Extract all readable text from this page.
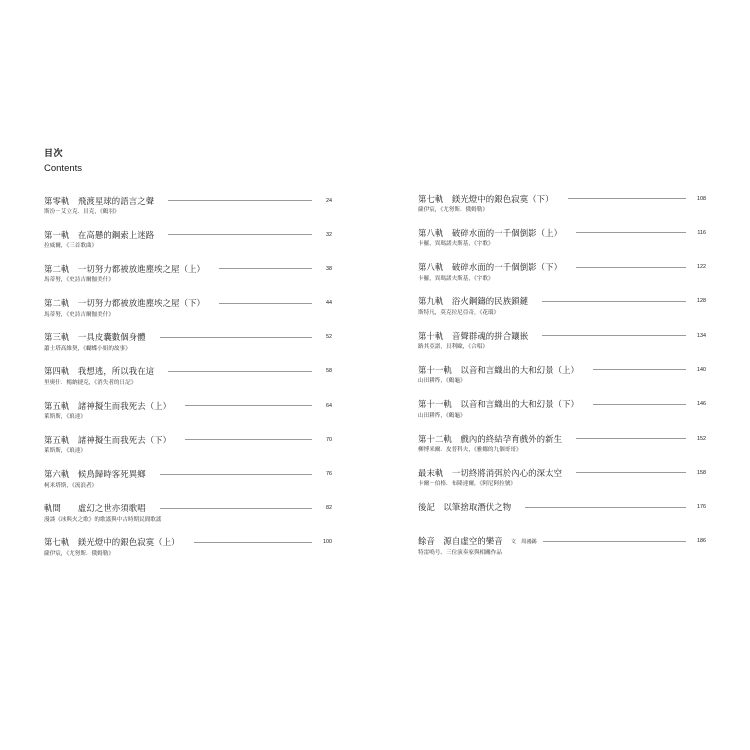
目次
Contents
第零軌　飛渡星球的語言之聲	24
斯汾－艾立克．貝克，《鶴羽》
第一軌　在高懸的鋼索上迷路	32
拉威爾，《三首歌曲》
第二軌　一切努力都被放進塵埃之屋（上）	38
馬蒂努，《史詩吉爾伽美什》
第二軌　一切努力都被放進塵埃之屋（下）	44
馬蒂努，《史詩吉爾伽美什》
第三軌　一具皮囊數個身體	52
蕭士塔高維契，《蝴蝶小姐的故事》
第四軌　我想逃，所以我在這	58
里奧什．楊納捷克，《消失者的日記》
第五軌　諸神擬生而我死去（上）	64
萊斯斯，《琅達》
第五軌　諸神擬生而我死去（下）	70
萊斯斯，《琅達》
第六軌　候鳥歸時客死異鄉	76
柯米塔斯，《流浪者》
軌間　　虛幻之世亦須歌唱	82
漫談《冰與火之歌》的歌謠與中古時期民間歌謠
第七軌　鎂光燈中的銀色寂寞（上）	100
薩伊宸，《尤努斯．俄姆勒》
第七軌　鎂光燈中的銀色寂寞（下）	108
薩伊宸，《尤努斯．俄姆勒》
第八軌　破碎水面的一千個倒影（上）	116
卡羅，異瑪諾夫斯基，《宇歌》
第八軌　破碎水面的一千個倒影（下）	122
卡羅，異瑪諾夫斯基，《宇歌》
第九軌　浴火鋼鑄的民族鎖鏈	128
斯特凡，莫克拉尼亞奇，《花環》
第十軌　音聲群魂的拼合鑲嵌	134
路其亞諾，貝利歐，《合唱》
第十一軌　以音和言織出的大和幻景（上）	140
山田耕筰，《鶴龜》
第十一軌　以音和言織出的大和幻景（下）	146
山田耕筰，《鶴龜》
第十二軌　戲內的終結孕育戲外的新生	152
柳博米爾．皮普科夫，《雅娜的九個哥哥》
最末軌　一切終將消弭於內心的深太空	158
卡爾－伯格．布隆達爾，《阿尼阿拉號》
後記　以筆捨取潛伏之物	176
餘音　源自虛空的樂音 文　周鴻錫	186
特雷鳴号、三位演奏家與相關作品
